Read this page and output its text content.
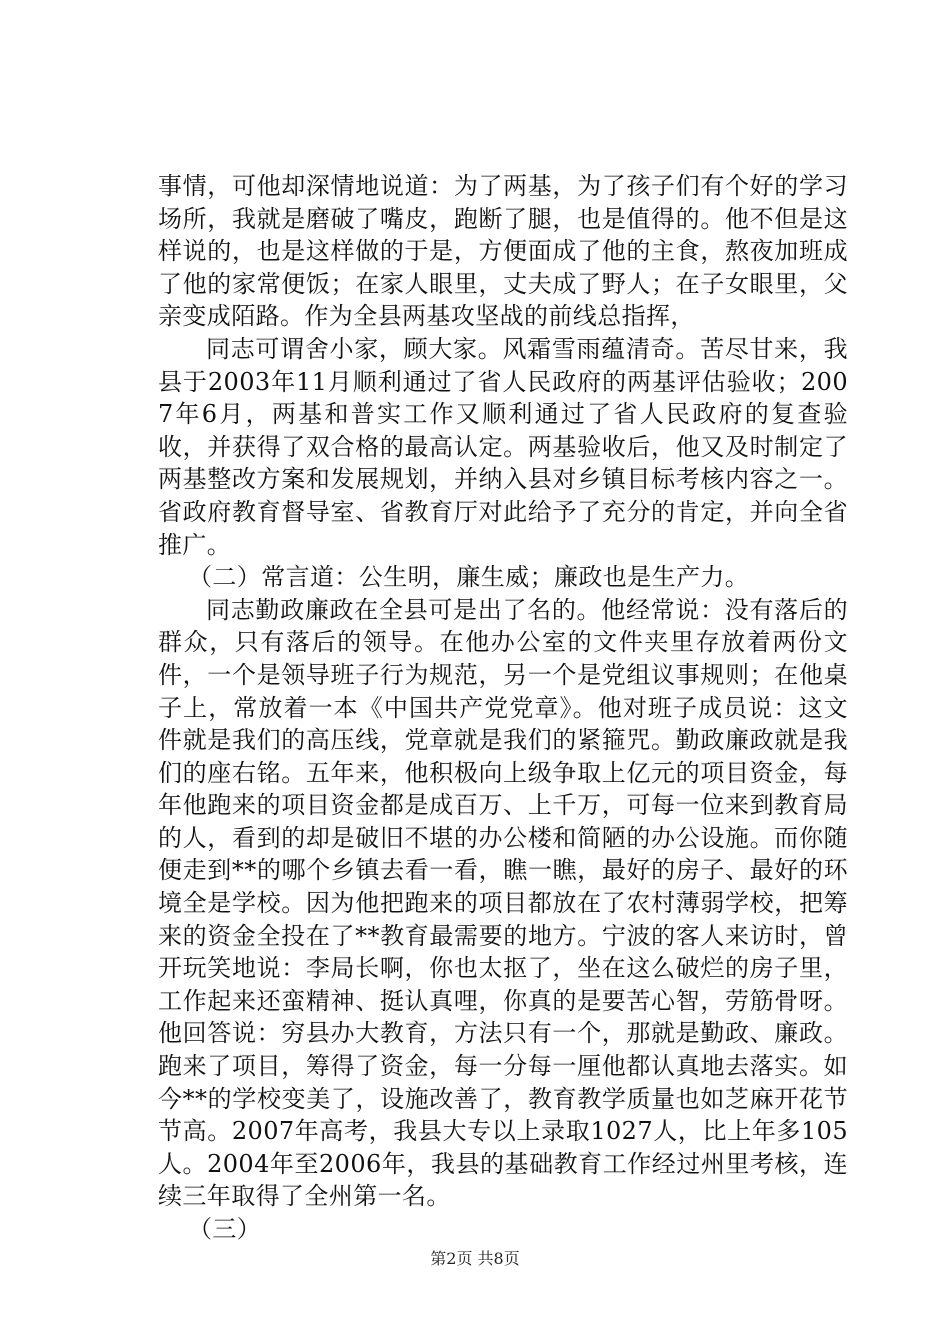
事情，可他却深情地说道：为了两基，为了孩子们有个好的学习场所，我就是磨破了嘴皮，跑断了腿，也是值得的。他不但是这样说的，也是这样做的于是，方便面成了他的主食，熬夜加班成了他的家常便饭；在家人眼里，丈夫成了野人；在子女眼里，父亲变成陌路。作为全县两基攻坚战的前线总指挥，

同志可谓舍小家，顾大家。风霜雪雨蕴清奇。苦尽甘来，我县于2003年11月顺利通过了省人民政府的两基评估验收；2007年6月，两基和普实工作又顺利通过了省人民政府的复查验收，并获得了双合格的最高认定。两基验收后，他又及时制定了两基整改方案和发展规划，并纳入县对乡镇目标考核内容之一。省政府教育督导室、省教育厅对此给予了充分的肯定，并向全省推广。

（二）常言道：公生明，廉生威；廉政也是生产力。

同志勤政廉政在全县可是出了名的。他经常说：没有落后的群众，只有落后的领导。在他办公室的文件夹里存放着两份文件，一个是领导班子行为规范，另一个是党组议事规则；在他桌子上，常放着一本《中国共产党党章》。他对班子成员说：这文件就是我们的高压线，党章就是我们的紧箍咒。勤政廉政就是我们的座右铭。五年来，他积极向上级争取上亿元的项目资金，每年他跑来的项目资金都是成百万、上千万，可每一位来到教育局的人，看到的却是破旧不堪的办公楼和简陋的办公设施。而你随便走到**的哪个乡镇去看一看，瞧一瞧，最好的房子、最好的环境全是学校。因为他把跑来的项目都放在了农村薄弱学校，把筹来的资金全投在了**教育最需要的地方。宁波的客人来访时，曾开玩笑地说：李局长啊，你也太抠了，坐在这么破烂的房子里，工作起来还蛮精神、挺认真哩，你真的是要苦心智，劳筋骨呀。他回答说：穷县办大教育，方法只有一个，那就是勤政、廉政。跑来了项目，筹得了资金，每一分每一厘他都认真地去落实。如今**的学校变美了，设施改善了，教育教学质量也如芝麻开花节节高。2007年高考，我县大专以上录取1027人，比上年多105人。2004年至2006年，我县的基础教育工作经过州里考核，连续三年取得了全州第一名。

（三）

第2页 共8页
